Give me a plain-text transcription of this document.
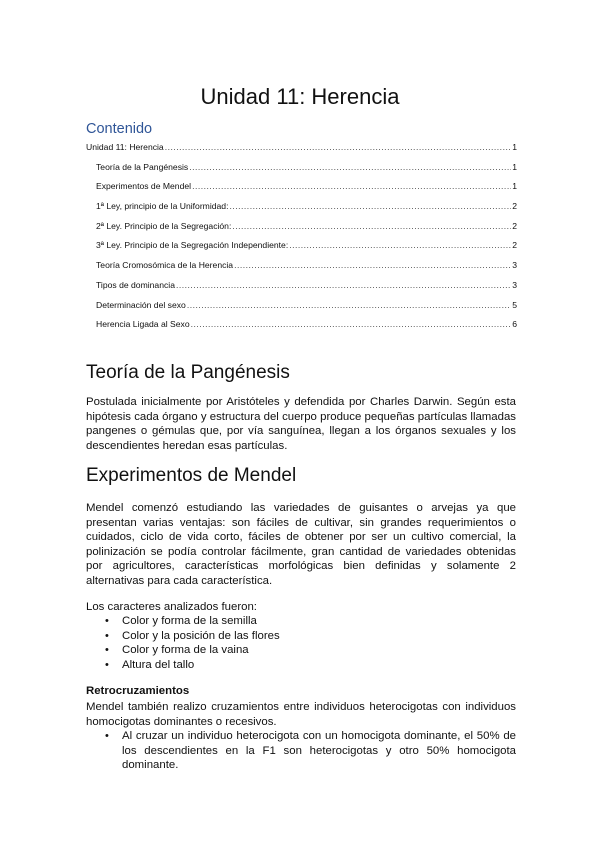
Unidad 11: Herencia
Contenido
Unidad 11: Herencia .....	1
Teoría de la Pangénesis .....	1
Experimentos de Mendel .....	1
1ª Ley, principio de la Uniformidad: .....	2
2ª Ley. Principio de la Segregación: .....	2
3ª Ley. Principio de la Segregación Independiente: .....	2
Teoría Cromosómica de la Herencia .....	3
Tipos de dominancia .....	3
Determinación del sexo .....	5
Herencia Ligada al Sexo .....	6
Teoría de la Pangénesis

Postulada inicialmente por Aristóteles y defendida por Charles Darwin. Según esta hipótesis cada órgano y estructura del cuerpo produce pequeñas partículas llamadas pangenes o gémulas que, por vía sanguínea, llegan a los órganos sexuales y los descendientes heredan esas partículas.

Experimentos de Mendel

Mendel comenzó estudiando las variedades de guisantes o arvejas ya que presentan varias ventajas: son fáciles de cultivar, sin grandes requerimientos o cuidados, ciclo de vida corto, fáciles de obtener por ser un cultivo comercial, la polinización se podía controlar fácilmente, gran cantidad de variedades obtenidas por agricultores, características morfológicas bien definidas y solamente 2 alternativas para cada característica.

Los caracteres analizados fueron:

• Color y forma de la semilla
• Color y la posición de las flores
• Color y forma de la vaina
• Altura del tallo
Retrocruzamientos

Mendel también realizo cruzamientos entre individuos heterocigotas con individuos homocigotas dominantes o recesivos.

• Al cruzar un individuo heterocigota con un homocigota dominante, el 50% de los descendientes en la F1 son heterocigotas y otro 50% homocigota dominante.
